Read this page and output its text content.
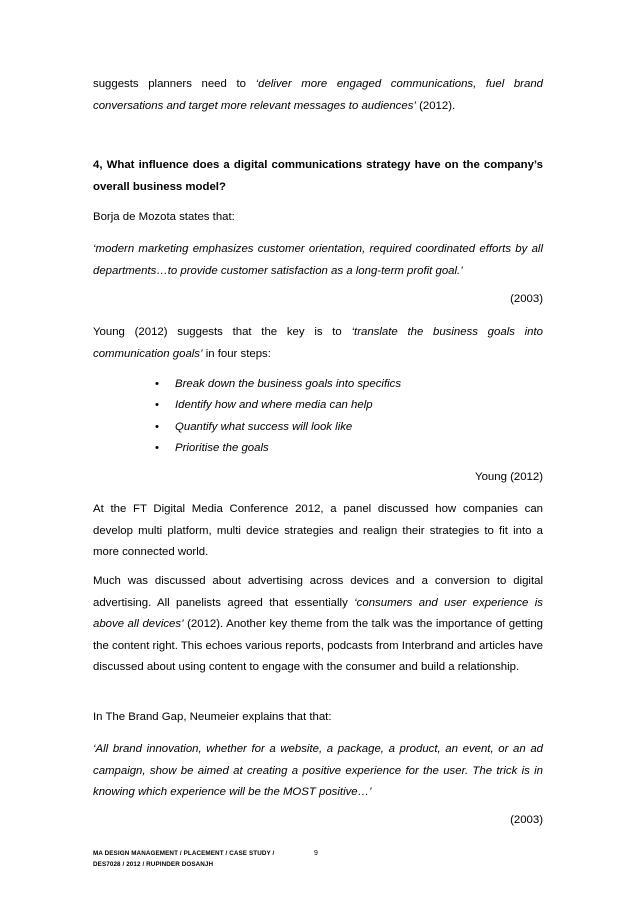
suggests planners need to ‘deliver more engaged communications, fuel brand conversations and target more relevant messages to audiences’ (2012).
4, What influence does a digital communications strategy have on the company’s overall business model?
Borja de Mozota states that:
‘modern marketing emphasizes customer orientation, required coordinated efforts by all departments…to provide customer satisfaction as a long-term profit goal.’
(2003)
Young (2012) suggests that the key is to ‘translate the business goals into communication goals’ in four steps:
• Break down the business goals into specifics
• Identify how and where media can help
• Quantify what success will look like
• Prioritise the goals
Young (2012)
At the FT Digital Media Conference 2012, a panel discussed how companies can develop multi platform, multi device strategies and realign their strategies to fit into a more connected world.
Much was discussed about advertising across devices and a conversion to digital advertising. All panelists agreed that essentially ‘consumers and user experience is above all devices’ (2012). Another key theme from the talk was the importance of getting the content right. This echoes various reports, podcasts from Interbrand and articles have discussed about using content to engage with the consumer and build a relationship.
In The Brand Gap, Neumeier explains that that:
‘All brand innovation, whether for a website, a package, a product, an event, or an ad campaign, show be aimed at creating a positive experience for the user. The trick is in knowing which experience will be the MOST positive…’
(2003)
MA DESIGN MANAGEMENT / PLACEMENT / CASE STUDY /
DES7028 / 2012 / RUPINDER DOSANJH
9
